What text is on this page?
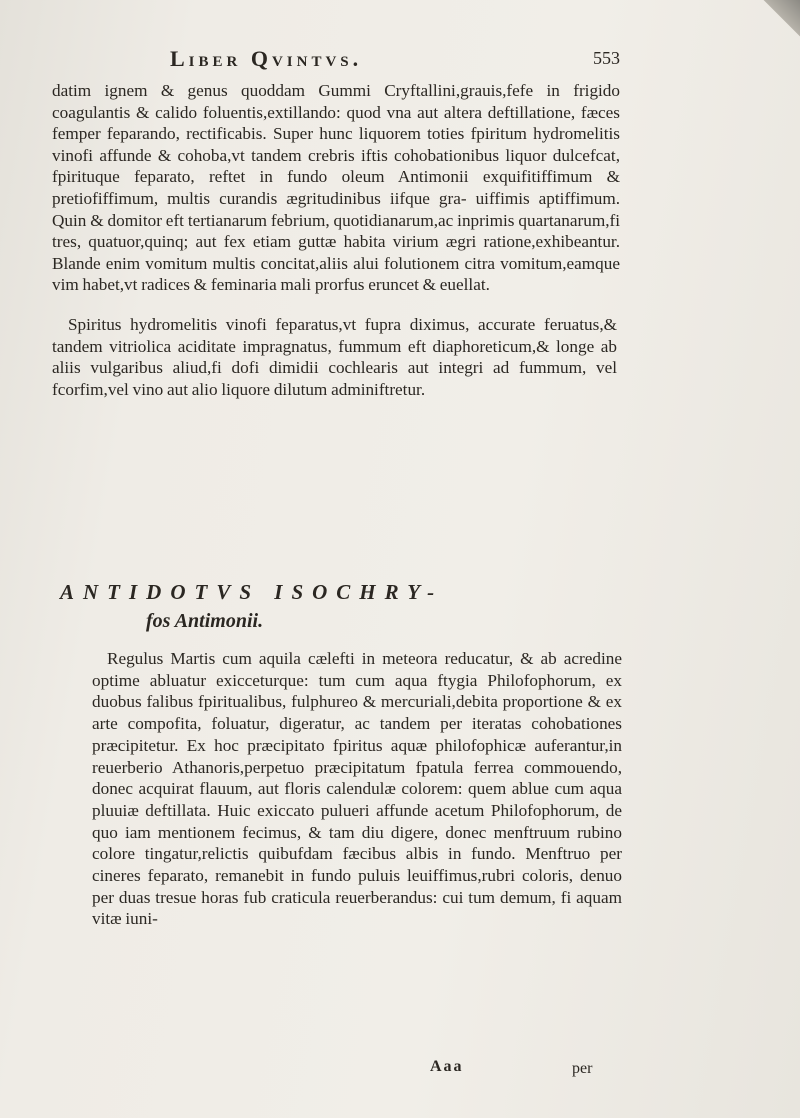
Liber Qvintvs.	553

datim ignem & genus quoddam Gummi Cryftallini,grauis,fefe in frigido coagulantis & calido foluentis,extillando: quod vna aut altera deftillatione, fæces femper feparando, rectificabis. Super hunc liquorem toties fpiritum hydromelitis vinofi affunde & cohoba,vt tandem crebris iftis cohobationibus liquor dulcefcat, fpirituque feparato, reftet in fundo oleum Antimonii exquifitiffimum & pretiofiffimum, multis curandis ægritudinibus iifque gra- uiffimis aptiffimum. Quin & domitor eft tertianarum febrium, quotidianarum,ac inprimis quartanarum,fi tres, quatuor,quinq; aut fex etiam guttæ habita virium ægri ratione,exhibeantur. Blande enim vomitum multis concitat,aliis alui folutionem citra vomitum,eamque vim habet,vt radices & feminaria mali prorfus eruncet & euellat.

Spiritus hydromelitis vinofi feparatus,vt fupra diximus, accurate feruatus,& tandem vitriolica aciditate impragnatus, fummum eft diaphoreticum,& longe ab aliis vulgaribus aliud,fi dofi dimidii cochlearis aut integri ad fummum, vel fcorfim,vel vino aut alio liquore dilutum adminiftretur.

ANTIDOTVS ISOCHRY-
fos Antimonii.

Regulus Martis cum aquila cælefti in meteora reducatur, & ab acredine optime abluatur exicceturque: tum cum aqua ftygia Philofophorum, ex duobus falibus fpiritualibus, fulphureo & mercuriali,debita proportione & ex arte compofita, foluatur, digeratur, ac tandem per iteratas cohobationes præcipitetur. Ex hoc præcipitato fpiritus aquæ philofophicæ auferantur,in reuerberio Athanoris,perpetuo præcipitatum fpatula ferrea commouendo, donec acquirat flauum, aut floris calendulæ colorem: quem ablue cum aqua pluuiæ deftillata. Huic exiccato pulueri affunde acetum Philofophorum, de quo iam mentionem fecimus, & tam diu digere, donec menftruum rubino colore tingatur,relictis quibufdam fæcibus albis in fundo. Menftruo per cineres feparato, remanebit in fundo puluis leuiffimus,rubri coloris, denuo per duas tresue horas fub craticula reuerberandus: cui tum demum, fi aquam vitæ iuni-

Aaa	per
